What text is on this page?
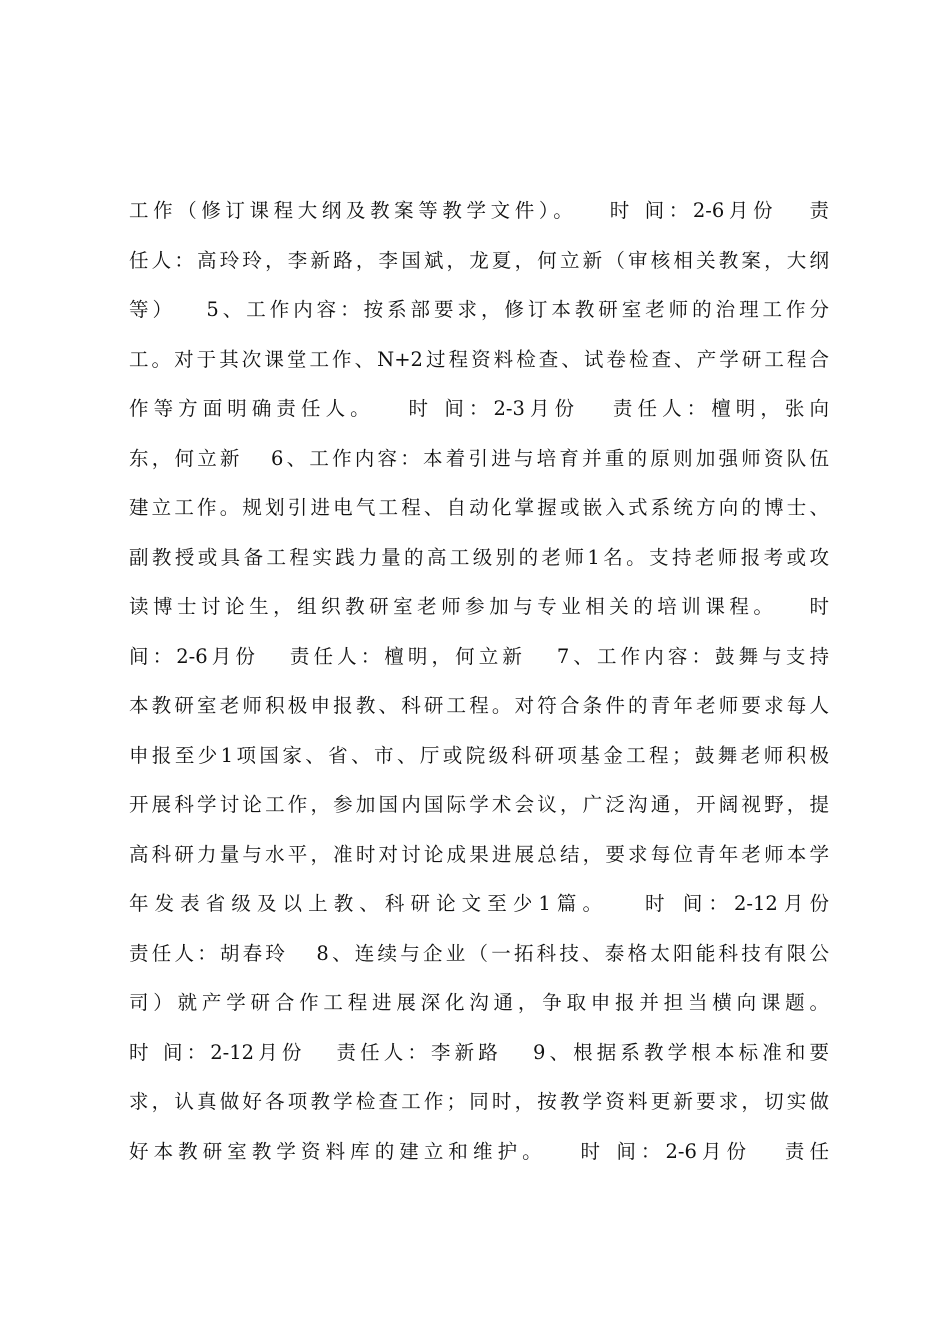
工作（修订课程大纲及教案等教学文件）。   时 间：2-6月份   责
任人：高玲玲，李新路，李国斌，龙夏，何立新（审核相关教案，大纲
等）   5、工作内容：按系部要求，修订本教研室老师的治理工作分
工。对于其次课堂工作、N+2过程资料检查、试卷检查、产学研工程合
作等方面明确责任人。   时 间：2-3月份   责任人：檀明，张向
东，何立新   6、工作内容：本着引进与培育并重的原则加强师资队伍
建立工作。规划引进电气工程、自动化掌握或嵌入式系统方向的博士、
副教授或具备工程实践力量的高工级别的老师1名。支持老师报考或攻
读博士讨论生，组织教研室老师参加与专业相关的培训课程。   时
间：2-6月份   责任人：檀明，何立新   7、工作内容：鼓舞与支持
本教研室老师积极申报教、科研工程。对符合条件的青年老师要求每人
申报至少1项国家、省、市、厅或院级科研项基金工程；鼓舞老师积极
开展科学讨论工作，参加国内国际学术会议，广泛沟通，开阔视野，提
高科研力量与水平，准时对讨论成果进展总结，要求每位青年老师本学
年发表省级及以上教、科研论文至少1篇。   时 间：2-12月份
责任人：胡春玲   8、连续与企业（一拓科技、泰格太阳能科技有限公
司）就产学研合作工程进展深化沟通，争取申报并担当横向课题。
时 间：2-12月份   责任人：李新路   9、根据系教学根本标准和要
求，认真做好各项教学检查工作；同时，按教学资料更新要求，切实做
好本教研室教学资料库的建立和维护。   时 间：2-6月份   责任
